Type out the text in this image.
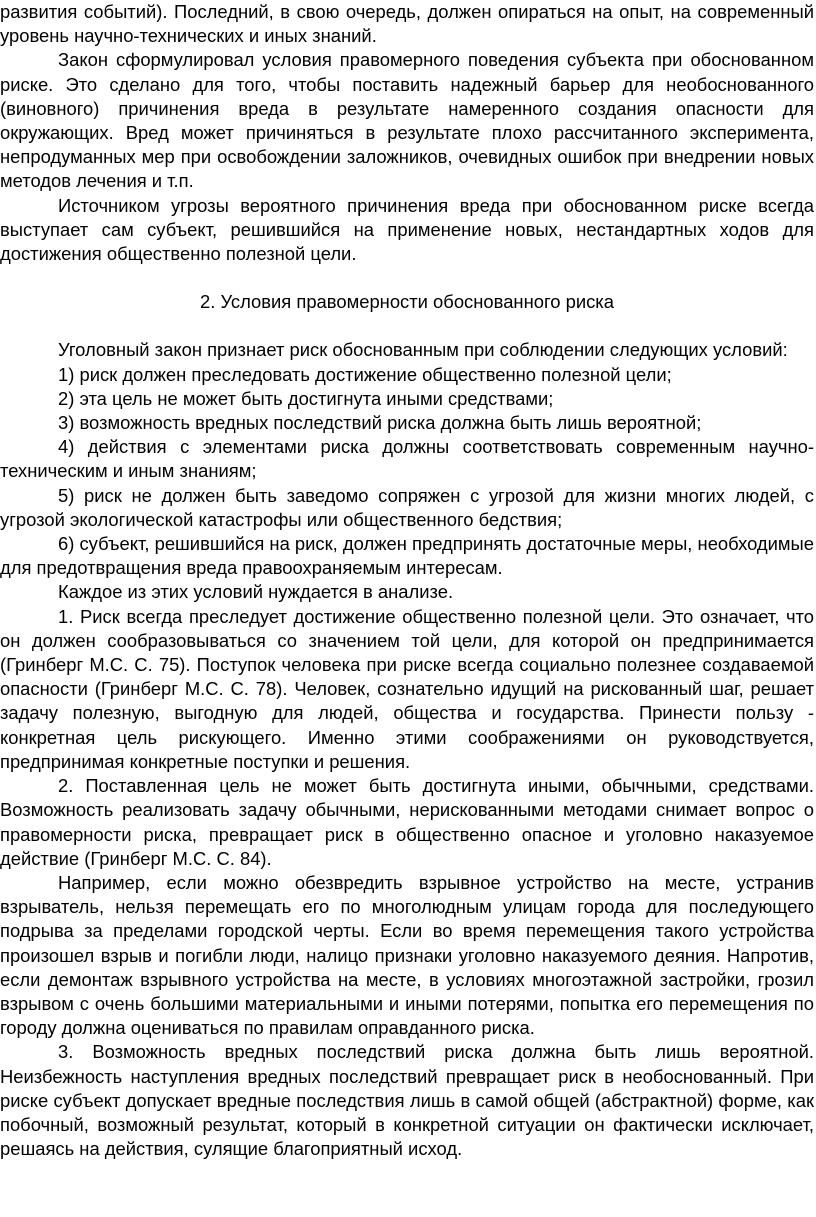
развития событий). Последний, в свою очередь, должен опираться на опыт, на современный уровень научно-технических и иных знаний.

Закон сформулировал условия правомерного поведения субъекта при обоснованном риске. Это сделано для того, чтобы поставить надежный барьер для необоснованного (виновного) причинения вреда в результате намеренного создания опасности для окружающих. Вред может причиняться в результате плохо рассчитанного эксперимента, непродуманных мер при освобождении заложников, очевидных ошибок при внедрении новых методов лечения и т.п.

Источником угрозы вероятного причинения вреда при обоснованном риске всегда выступает сам субъект, решившийся на применение новых, нестандартных ходов для достижения общественно полезной цели.

2. Условия правомерности обоснованного риска

Уголовный закон признает риск обоснованным при соблюдении следующих условий:

1) риск должен преследовать достижение общественно полезной цели;

2) эта цель не может быть достигнута иными средствами;

3) возможность вредных последствий риска должна быть лишь вероятной;

4) действия с элементами риска должны соответствовать современным научно-техническим и иным знаниям;

5) риск не должен быть заведомо сопряжен с угрозой для жизни многих людей, с угрозой экологической катастрофы или общественного бедствия;

6) субъект, решившийся на риск, должен предпринять достаточные меры, необходимые для предотвращения вреда правоохраняемым интересам.

Каждое из этих условий нуждается в анализе.

1. Риск всегда преследует достижение общественно полезной цели. Это означает, что он должен сообразовываться со значением той цели, для которой он предпринимается (Гринберг М.С. С. 75). Поступок человека при риске всегда социально полезнее создаваемой опасности (Гринберг М.С. С. 78). Человек, сознательно идущий на рискованный шаг, решает задачу полезную, выгодную для людей, общества и государства. Принести пользу - конкретная цель рискующего. Именно этими соображениями он руководствуется, предпринимая конкретные поступки и решения.

2. Поставленная цель не может быть достигнута иными, обычными, средствами. Возможность реализовать задачу обычными, нерискованными методами снимает вопрос о правомерности риска, превращает риск в общественно опасное и уголовно наказуемое действие (Гринберг М.С. С. 84).

Например, если можно обезвредить взрывное устройство на месте, устранив взрыватель, нельзя перемещать его по многолюдным улицам города для последующего подрыва за пределами городской черты. Если во время перемещения такого устройства произошел взрыв и погибли люди, налицо признаки уголовно наказуемого деяния. Напротив, если демонтаж взрывного устройства на месте, в условиях многоэтажной застройки, грозил взрывом с очень большими материальными и иными потерями, попытка его перемещения по городу должна оцениваться по правилам оправданного риска.

3. Возможность вредных последствий риска должна быть лишь вероятной. Неизбежность наступления вредных последствий превращает риск в необоснованный. При риске субъект допускает вредные последствия лишь в самой общей (абстрактной) форме, как побочный, возможный результат, который в конкретной ситуации он фактически исключает, решаясь на действия, сулящие благоприятный исход.
